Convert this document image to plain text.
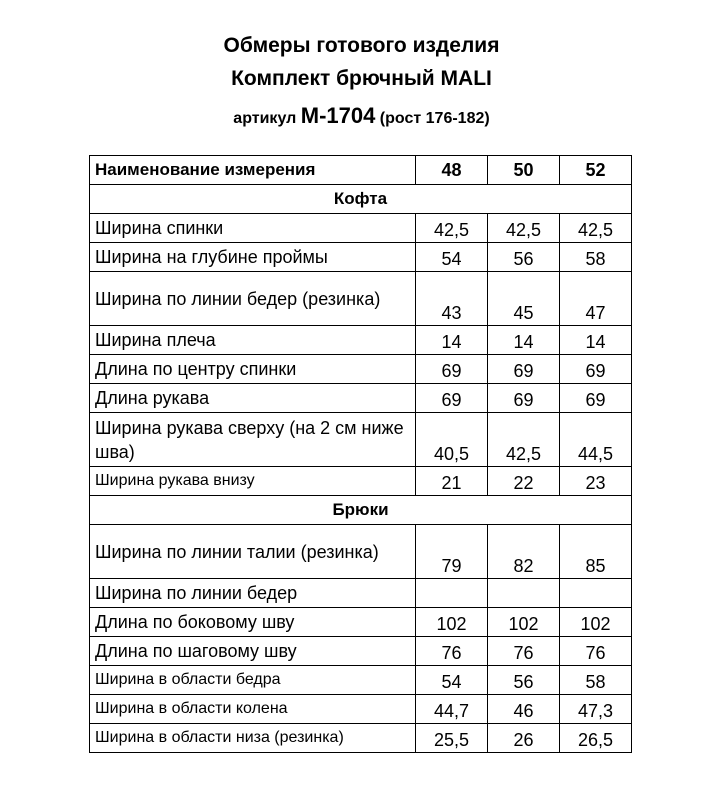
Обмеры готового изделия
Комплект брючный MALI
артикул М-1704 (рост 176-182)
Наименование измерения	48	50	52
Кофта			
Ширина спинки	42,5	42,5	42,5
Ширина на глубине проймы	54	56	58
Ширина по линии бедер (резинка)	43	45	47
Ширина плеча	14	14	14
Длина по центру спинки	69	69	69
Длина рукава	69	69	69
Ширина рукава сверху (на 2 см ниже шва)	40,5	42,5	44,5
Ширина рукава внизу	21	22	23
Брюки			
Ширина по линии талии (резинка)	79	82	85
Ширина по линии бедер			
Длина по боковому шву	102	102	102
Длина по шаговому шву	76	76	76
Ширина в области бедра	54	56	58
Ширина в области колена	44,7	46	47,3
Ширина в области низа (резинка)	25,5	26	26,5
